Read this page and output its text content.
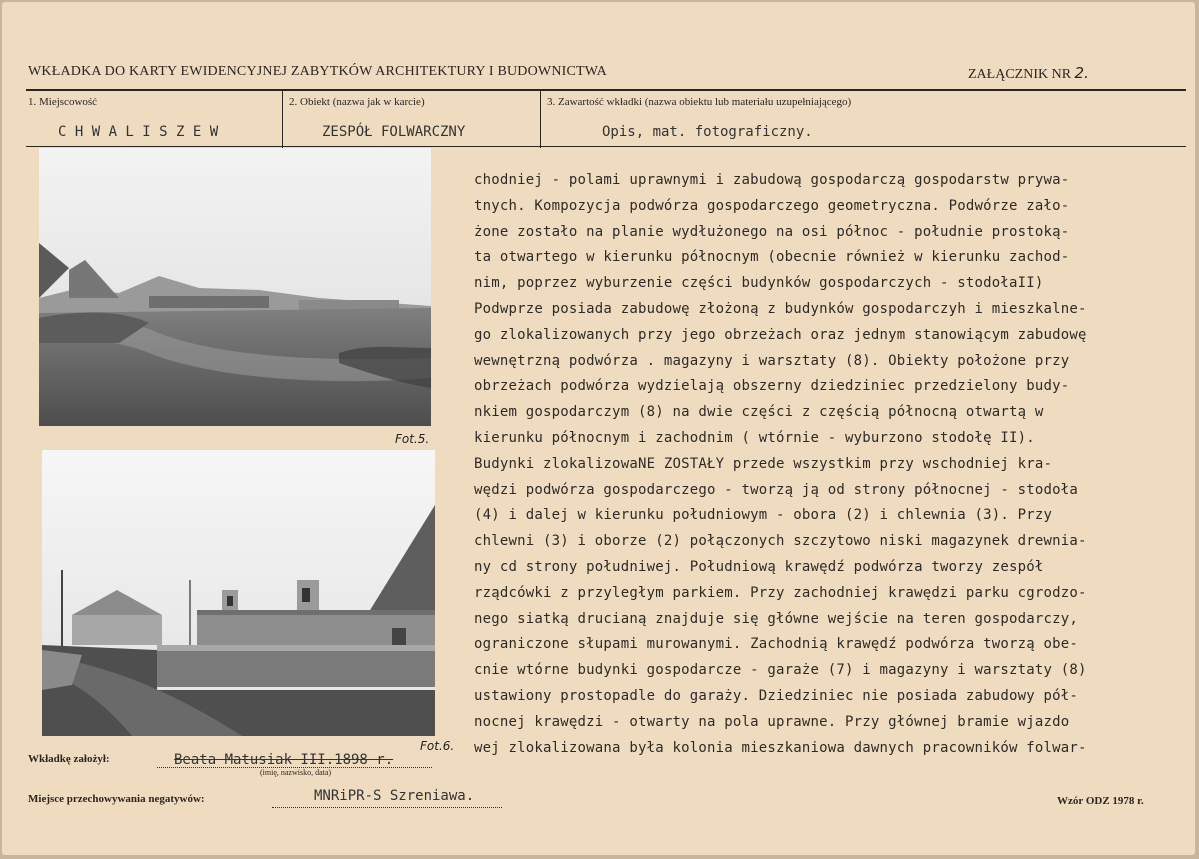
WKŁADKA DO KARTY EWIDENCYJNEJ ZABYTKÓW ARCHITEKTURY I BUDOWNICTWA	ZAŁĄCZNIK NR 2.
1. Miejscowość
C H W A L I S Z E W
2. Obiekt (nazwa jak w karcie)
ZESPÓŁ FOLWARCZNY
3. Zawartość wkładki (nazwa obiektu lub materiału uzupełniającego)
Opis, mat. fotograficzny.
Fot.5.
Fot.6.
chodniej - polami uprawnymi i zabudową gospodarczą gospodarstw prywa-
tnych. Kompozycja podwórza gospodarczego geometryczna. Podwórze zało-
żone zostało na planie wydłużonego na osi północ - południe prostoką-
ta otwartego w kierunku północnym (obecnie również w kierunku zachod-
nim, poprzez wyburzenie części budynków gospodarczych - stodołaII)
Podwprze posiada zabudowę złożoną z budynków gospodarczyh i mieszkalne-
go zlokalizowanych przy jego obrzeżach oraz jednym stanowiącym zabudowę
wewnętrzną podwórza . magazyny i warsztaty (8). Obiekty położone przy
obrzeżach podwórza wydzielają obszerny dziedziniec przedzielony budy-
nkiem gospodarczym (8) na dwie części z częścią północną otwartą w
kierunku północnym i zachodnim ( wtórnie - wyburzono stodołę II).
Budynki zlokalizowaNE ZOSTAŁY przede wszystkim przy wschodniej kra-
wędzi podwórza gospodarczego - tworzą ją od strony północnej - stodoła
(4) i dalej w kierunku południowym - obora (2) i chlewnia (3). Przy
chlewni (3) i oborze (2) połączonych szczytowo niski magazynek drewnia-
ny cd strony południwej. Południową krawędź podwórza tworzy zespół
rządcówki z przyległym parkiem. Przy zachodniej krawędzi parku cgrodzo-
nego siatką drucianą znajduje się główne wejście na teren gospodarczy,
ograniczone słupami murowanymi. Zachodnią krawędź podwórza tworzą obe-
cnie wtórne budynki gospodarcze - garaże (7) i magazyny i warsztaty (8)
ustawiony prostopadle do garaży. Dziedziniec nie posiada zabudowy pół-
nocnej krawędzi - otwarty na pola uprawne. Przy głównej bramie wjazdo
wej zlokalizowana była kolonia mieszkaniowa dawnych pracowników folwar-
Wkładkę założył:	Beata Matusiak III.1898 r.
(imię, nazwisko, data)
Miejsce przechowywania negatywów:	MNRiPR-S Szreniawa.	Wzór ODZ 1978 r.
